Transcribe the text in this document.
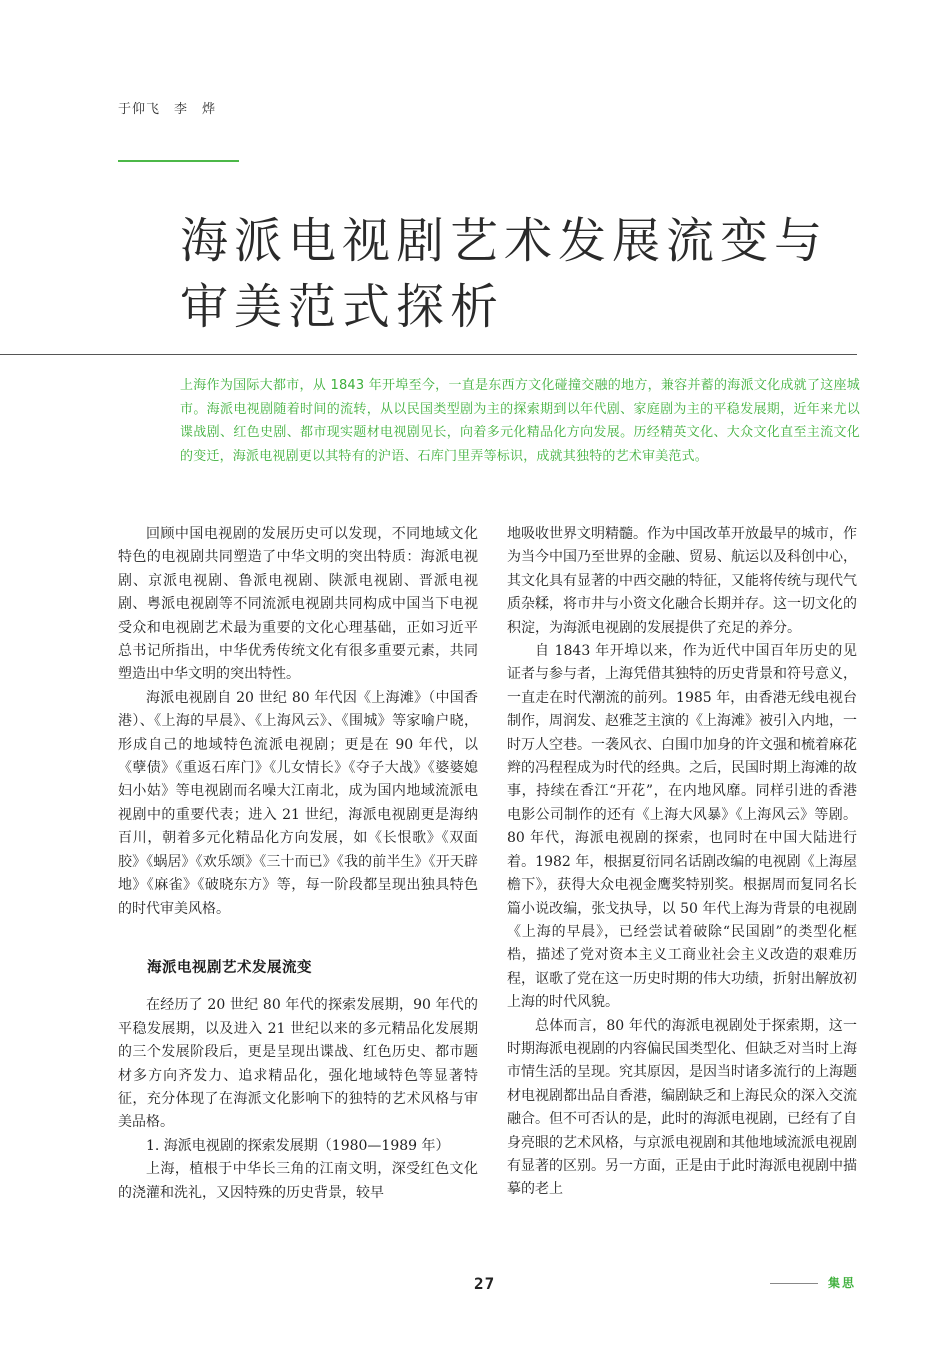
于仰飞　李　烨
海派电视剧艺术发展流变与
审美范式探析

上海作为国际大都市，从 1843 年开埠至今，一直是东西方文化碰撞交融的地方，兼容并蓄的海派文化成就了这座城市。海派电视剧随着时间的流转，从以民国类型剧为主的探索期到以年代剧、家庭剧为主的平稳发展期，近年来尤以谍战剧、红色史剧、都市现实题材电视剧见长，向着多元化精品化方向发展。历经精英文化、大众文化直至主流文化的变迁，海派电视剧更以其特有的沪语、石库门里弄等标识，成就其独特的艺术审美范式。

回顾中国电视剧的发展历史可以发现，不同地域文化特色的电视剧共同塑造了中华文明的突出特质：海派电视剧、京派电视剧、鲁派电视剧、陕派电视剧、晋派电视剧、粤派电视剧等不同流派电视剧共同构成中国当下电视受众和电视剧艺术最为重要的文化心理基础，正如习近平总书记所指出，中华优秀传统文化有很多重要元素，共同塑造出中华文明的突出特性。

海派电视剧自 20 世纪 80 年代因《上海滩》（中国香港）、《上海的早晨》、《上海风云》、《围城》等家喻户晓，形成自己的地域特色流派电视剧；更是在 90 年代，以《孽债》《重返石库门》《儿女情长》《夺子大战》《婆婆媳妇小姑》等电视剧而名噪大江南北，成为国内地域流派电视剧中的重要代表；进入 21 世纪，海派电视剧更是海纳百川，朝着多元化精品化方向发展，如《长恨歌》《双面胶》《蜗居》《欢乐颂》《三十而已》《我的前半生》《开天辟地》《麻雀》《破晓东方》等，每一阶段都呈现出独具特色的时代审美风格。

海派电视剧艺术发展流变

在经历了 20 世纪 80 年代的探索发展期，90 年代的平稳发展期，以及进入 21 世纪以来的多元精品化发展期的三个发展阶段后，更是呈现出谍战、红色历史、都市题材多方向齐发力、追求精品化，强化地域特色等显著特征，充分体现了在海派文化影响下的独特的艺术风格与审美品格。

1. 海派电视剧的探索发展期（1980—1989 年）

上海，植根于中华长三角的江南文明，深受红色文化的浇灌和洗礼，又因特殊的历史背景，较早

地吸收世界文明精髓。作为中国改革开放最早的城市，作为当今中国乃至世界的金融、贸易、航运以及科创中心，其文化具有显著的中西交融的特征，又能将传统与现代气质杂糅，将市井与小资文化融合长期并存。这一切文化的积淀，为海派电视剧的发展提供了充足的养分。

自 1843 年开埠以来，作为近代中国百年历史的见证者与参与者，上海凭借其独特的历史背景和符号意义，一直走在时代潮流的前列。1985 年，由香港无线电视台制作，周润发、赵雅芝主演的《上海滩》被引入内地，一时万人空巷。一袭风衣、白围巾加身的许文强和梳着麻花辫的冯程程成为时代的经典。之后，民国时期上海滩的故事，持续在香江“开花”，在内地风靡。同样引进的香港电影公司制作的还有《上海大风暴》《上海风云》等剧。80 年代，海派电视剧的探索，也同时在中国大陆进行着。1982 年，根据夏衍同名话剧改编的电视剧《上海屋檐下》，获得大众电视金鹰奖特别奖。根据周而复同名长篇小说改编，张戈执导，以 50 年代上海为背景的电视剧《上海的早晨》，已经尝试着破除“民国剧”的类型化框梏，描述了党对资本主义工商业社会主义改造的艰难历程，讴歌了党在这一历史时期的伟大功绩，折射出解放初上海的时代风貌。

总体而言，80 年代的海派电视剧处于探索期，这一时期海派电视剧的内容偏民国类型化、但缺乏对当时上海市情生活的呈现。究其原因，是因当时诸多流行的上海题材电视剧都出品自香港，编剧缺乏和上海民众的深入交流融合。但不可否认的是，此时的海派电视剧，已经有了自身亮眼的艺术风格，与京派电视剧和其他地域流派电视剧有显著的区别。另一方面，正是由于此时海派电视剧中描摹的老上

27	集思
